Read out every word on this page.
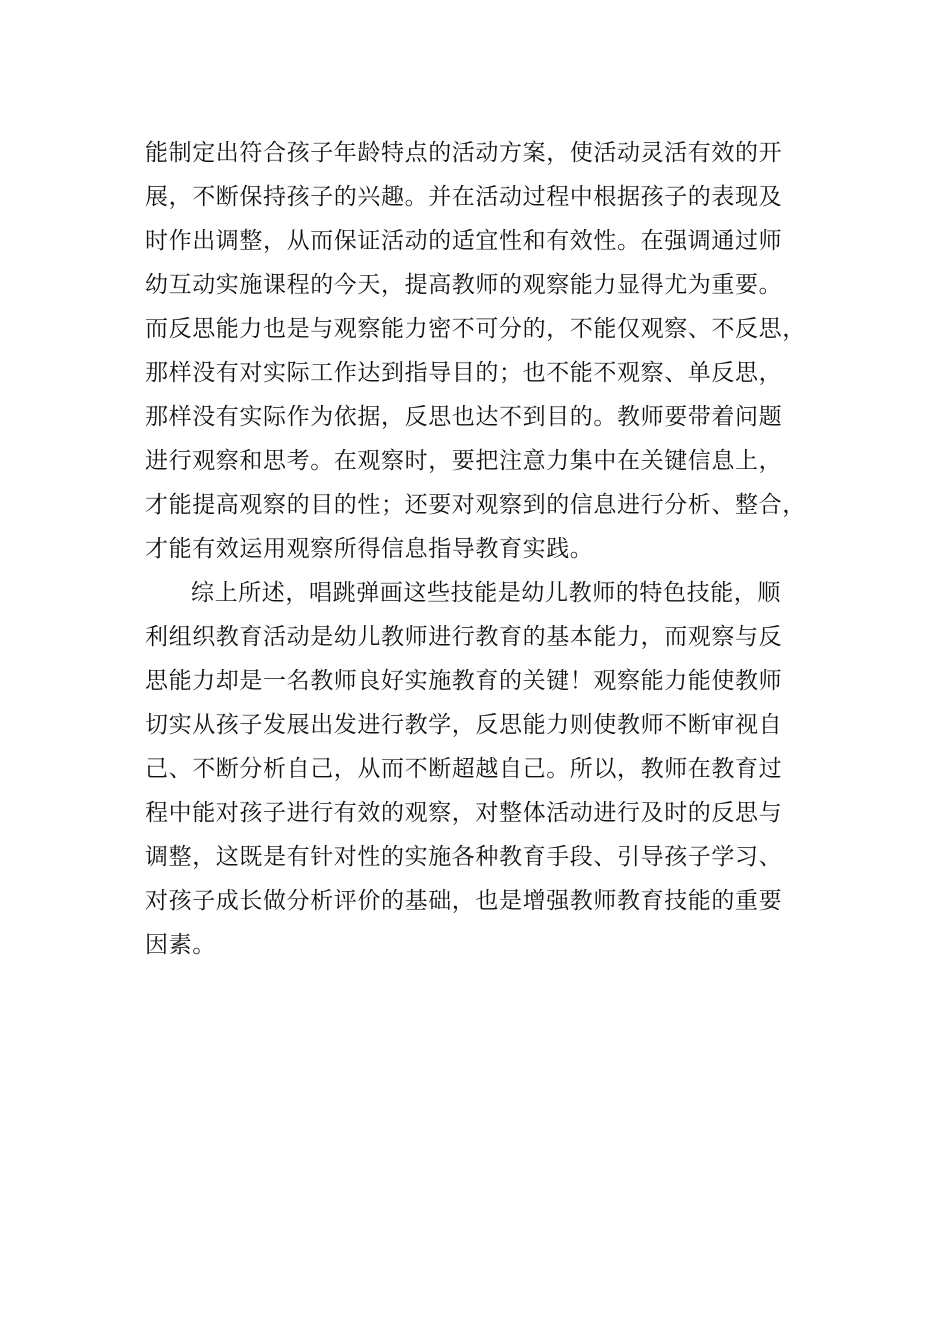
能制定出符合孩子年龄特点的活动方案，使活动灵活有效的开
展，不断保持孩子的兴趣。并在活动过程中根据孩子的表现及
时作出调整，从而保证活动的适宜性和有效性。在强调通过师
幼互动实施课程的今天，提高教师的观察能力显得尤为重要。
而反思能力也是与观察能力密不可分的，不能仅观察、不反思，
那样没有对实际工作达到指导目的；也不能不观察、单反思，
那样没有实际作为依据，反思也达不到目的。教师要带着问题
进行观察和思考。在观察时，要把注意力集中在关键信息上，
才能提高观察的目的性；还要对观察到的信息进行分析、整合，
才能有效运用观察所得信息指导教育实践。
综上所述，唱跳弹画这些技能是幼儿教师的特色技能，顺
利组织教育活动是幼儿教师进行教育的基本能力，而观察与反
思能力却是一名教师良好实施教育的关键！观察能力能使教师
切实从孩子发展出发进行教学，反思能力则使教师不断审视自
己、不断分析自己，从而不断超越自己。所以，教师在教育过
程中能对孩子进行有效的观察，对整体活动进行及时的反思与
调整，这既是有针对性的实施各种教育手段、引导孩子学习、
对孩子成长做分析评价的基础，也是增强教师教育技能的重要
因素。
